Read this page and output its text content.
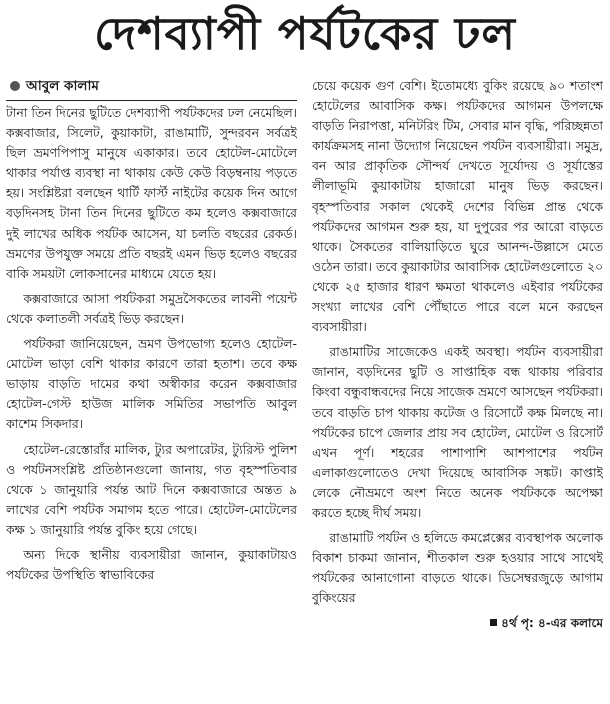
দেশব্যাপী পর্যটকের ঢল
আবুল কালাম

টানা তিন দিনের ছুটিতে দেশব্যাপী পর্যটকদের ঢল নেমেছিল। কক্সবাজার, সিলেট, কুয়াকাটা, রাঙামাটি, সুন্দরবন সর্বত্রই ছিল ভ্রমণপিপাসু মানুষে একাকার। তবে হোটেল-মোটেলে থাকার পর্যাপ্ত ব্যবস্থা না থাকায় কেউ কেউ বিড়ম্বনায় পড়তে হয়। সংশ্লিষ্টরা বলছেন থার্টি ফার্স্ট নাইটের কয়েক দিন আগে বড়দিনসহ টানা তিন দিনের ছুটিতে কম হলেও কক্সবাজারে দুই লাখের অধিক পর্যটক আসেন, যা চলতি বছরের রেকর্ড। ভ্রমণের উপযুক্ত সময়ে প্রতি বছরই এমন ভিড় হলেও বছরের বাকি সময়টা লোকসানের মাধ্যমে যেতে হয়।

কক্সবাজারে আসা পর্যটকরা সমুদ্রসৈকতের লাবনী পয়েন্ট থেকে কলাতলী সর্বত্রই ভিড় করছেন।

পর্যটকরা জানিয়েছেন, ভ্রমণ উপভোগ্য হলেও হোটেল-মোটেল ভাড়া বেশি থাকার কারণে তারা হতাশ। তবে কক্ষ ভাড়ায় বাড়তি দামের কথা অস্বীকার করেন কক্সবাজার হোটেল-গেস্ট হাউজ মালিক সমিতির সভাপতি আবুল কাশেম সিকদার।

হোটেল-রেস্তোরাঁর মালিক, ট্যুর অপারেটর, ট্যুরিস্ট পুলিশ ও পর্যটনসংশ্লিষ্ট প্রতিষ্ঠানগুলো জানায়, গত বৃহস্পতিবার থেকে ১ জানুয়ারি পর্যন্ত আট দিনে কক্সবাজারে অন্তত ৯ লাখের বেশি পর্যটক সমাগম হতে পারে। হোটেল-মোটেলের কক্ষ ১ জানুয়ারি পর্যন্ত বুকিং হয়ে গেছে।

অন্য দিকে স্থানীয় ব্যবসায়ীরা জানান, কুয়াকাটায়ও পর্যটকের উপস্থিতি স্বাভাবিকের

চেয়ে কয়েক গুণ বেশি। ইতোমধ্যে বুকিং রয়েছে ৯০ শতাংশ হোটেলের আবাসিক কক্ষ। পর্যটকদের আগমন উপলক্ষে বাড়তি নিরাপত্তা, মনিটরিং টিম, সেবার মান বৃদ্ধি, পরিচ্ছন্নতা কার্যক্রমসহ নানা উদ্যোগ নিয়েছেন পর্যটন ব্যবসায়ীরা। সমুদ্র, বন আর প্রাকৃতিক সৌন্দর্য দেখতে সূর্যোদয় ও সূর্যাস্তের লীলাভূমি কুয়াকাটায় হাজারো মানুষ ভিড় করছেন। বৃহস্পতিবার সকাল থেকেই দেশের বিভিন্ন প্রান্ত থেকে পর্যটকদের আগমন শুরু হয়, যা দুপুরের পর আরো বাড়তে থাকে। সৈকতের বালিয়াড়িতে ঘুরে আনন্দ-উল্লাসে মেতে ওঠেন তারা। তবে কুয়াকাটার আবাসিক হোটেলগুলোতে ২০ থেকে ২৫ হাজার ধারণ ক্ষমতা থাকলেও এইবার পর্যটকের সংখ্যা লাখের বেশি পৌঁছাতে পারে বলে মনে করছেন ব্যবসায়ীরা।

রাঙামাটির সাজেকেও একই অবস্থা। পর্যটন ব্যবসায়ীরা জানান, বড়দিনের ছুটি ও সাপ্তাহিক বন্ধ থাকায় পরিবার কিংবা বন্ধুবান্ধবদের নিয়ে সাজেক ভ্রমণে আসছেন পর্যটকরা। তবে বাড়তি চাপ থাকায় কটেজ ও রিসোর্টে কক্ষ মিলছে না। পর্যটকের চাপে জেলার প্রায় সব হোটেল, মোটেল ও রিসোর্ট এখন পূর্ণ। শহরের পাশাপাশি আশপাশের পর্যটন এলাকাগুলোতেও দেখা দিয়েছে আবাসিক সঙ্কট। কাপ্তাই লেকে নৌভ্রমণে অংশ নিতে অনেক পর্যটককে অপেক্ষা করতে হচ্ছে দীর্ঘ সময়।

রাঙামাটি পর্যটন ও হলিডে কমপ্লেক্সের ব্যবস্থাপক অলোক বিকাশ চাকমা জানান, শীতকাল শুরু হওয়ার সাথে সাথেই পর্যটকের আনাগোনা বাড়তে থাকে। ডিসেম্বরজুড়ে আগাম বুকিংয়ের

৪র্থ পৃ: ৪-এর কলামে
